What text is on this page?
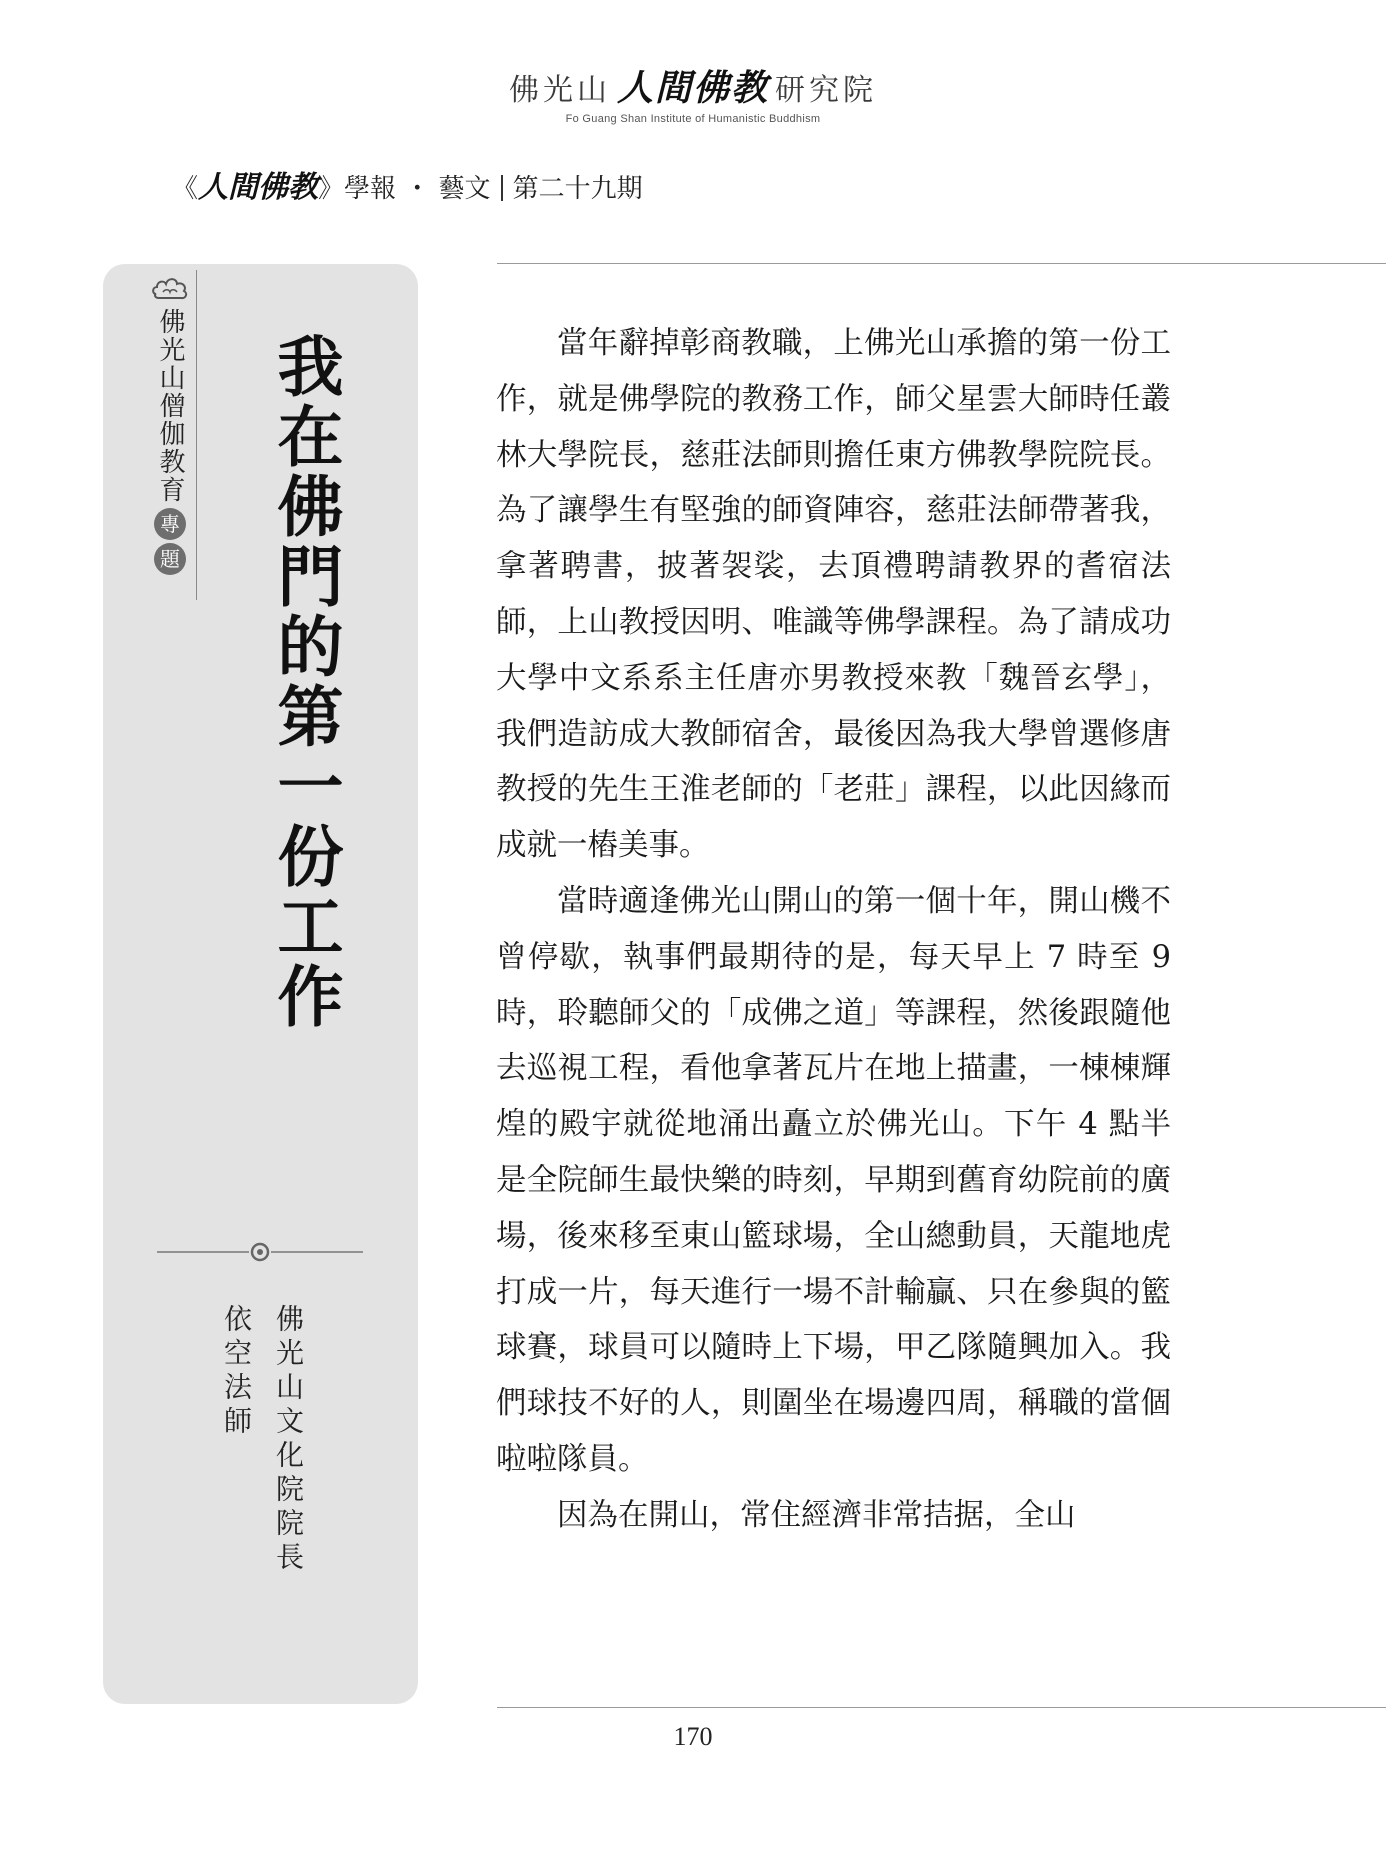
佛光山 人間佛教 研究院
Fo Guang Shan Institute of Humanistic Buddhism
《人間佛教》學報 ・ 藝文 第二十九期
佛光山僧伽教育
專
題 我在佛門的第一份工作
佛光山文化院院長
依空法師

當年辭掉彰商教職，上佛光山承擔的第一份工作，就是佛學院的教務工作，師父星雲大師時任叢林大學院長，慈莊法師則擔任東方佛教學院院長。為了讓學生有堅強的師資陣容，慈莊法師帶著我，拿著聘書，披著袈裟，去頂禮聘請教界的耆宿法師，上山教授因明、唯識等佛學課程。為了請成功大學中文系系主任唐亦男教授來教「魏晉玄學」，我們造訪成大教師宿舍，最後因為我大學曾選修唐教授的先生王淮老師的「老莊」課程，以此因緣而成就一樁美事。

當時適逢佛光山開山的第一個十年，開山機不曾停歇，執事們最期待的是，每天早上 7 時至 9 時，聆聽師父的「成佛之道」等課程，然後跟隨他去巡視工程，看他拿著瓦片在地上描畫，一棟棟輝煌的殿宇就從地涌出矗立於佛光山。下午 4 點半是全院師生最快樂的時刻，早期到舊育幼院前的廣場，後來移至東山籃球場，全山總動員，天龍地虎打成一片，每天進行一場不計輸贏、只在參與的籃球賽，球員可以隨時上下場，甲乙隊隨興加入。我們球技不好的人，則圍坐在場邊四周，稱職的當個啦啦隊員。

因為在開山，常住經濟非常拮据，全山

170
